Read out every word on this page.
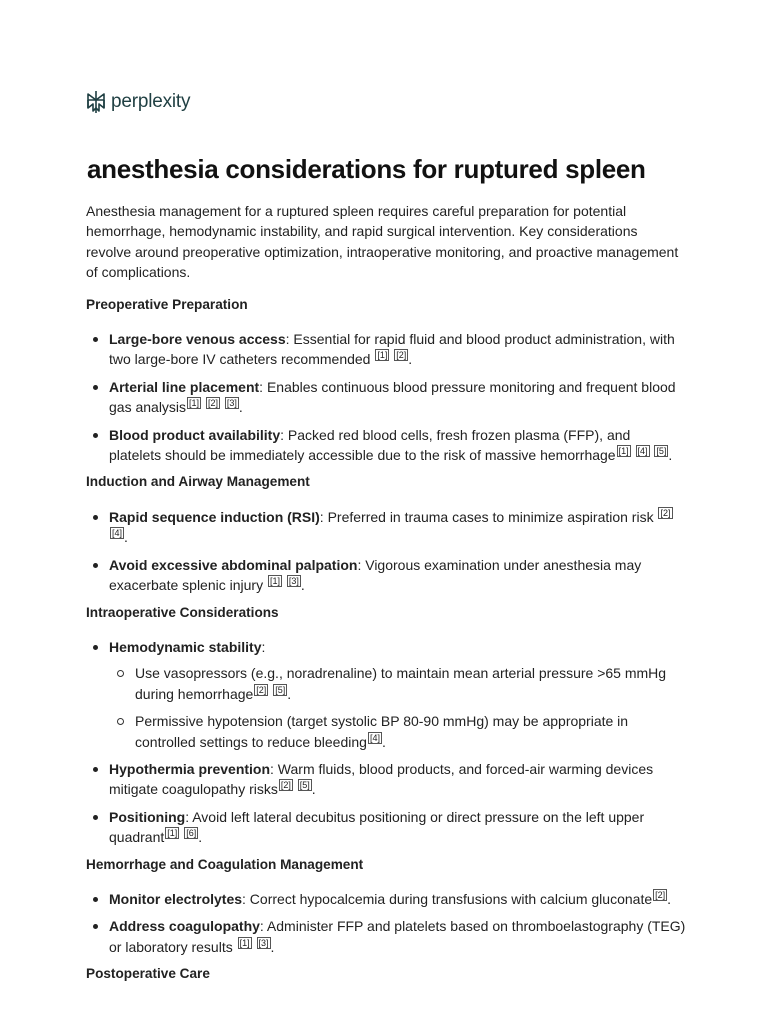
perplexity
anesthesia considerations for ruptured spleen

Anesthesia management for a ruptured spleen requires careful preparation for potential hemorrhage, hemodynamic instability, and rapid surgical intervention. Key considerations revolve around preoperative optimization, intraoperative monitoring, and proactive management of complications.

Preoperative Preparation
Large-bore venous access: Essential for rapid fluid and blood product administration, with two large-bore IV catheters recommended [1] [2] .
Arterial line placement: Enables continuous blood pressure monitoring and frequent blood gas analysis [1] [2] [3] .
Blood product availability: Packed red blood cells, fresh frozen plasma (FFP), and platelets should be immediately accessible due to the risk of massive hemorrhage [1] [4] [5] .
Induction and Airway Management
Rapid sequence induction (RSI): Preferred in trauma cases to minimize aspiration risk [2] [4] .
Avoid excessive abdominal palpation: Vigorous examination under anesthesia may exacerbate splenic injury [1] [3] .
Intraoperative Considerations
Hemodynamic stability:
Use vasopressors (e.g., noradrenaline) to maintain mean arterial pressure >65 mmHg during hemorrhage [2] [5] .
Permissive hypotension (target systolic BP 80-90 mmHg) may be appropriate in controlled settings to reduce bleeding [4] .
Hypothermia prevention: Warm fluids, blood products, and forced-air warming devices mitigate coagulopathy risks [2] [5] .
Positioning: Avoid left lateral decubitus positioning or direct pressure on the left upper quadrant [1] [6] .
Hemorrhage and Coagulation Management
Monitor electrolytes: Correct hypocalcemia during transfusions with calcium gluconate [2] .
Address coagulopathy: Administer FFP and platelets based on thromboelastography (TEG) or laboratory results [1] [3] .
Postoperative Care
